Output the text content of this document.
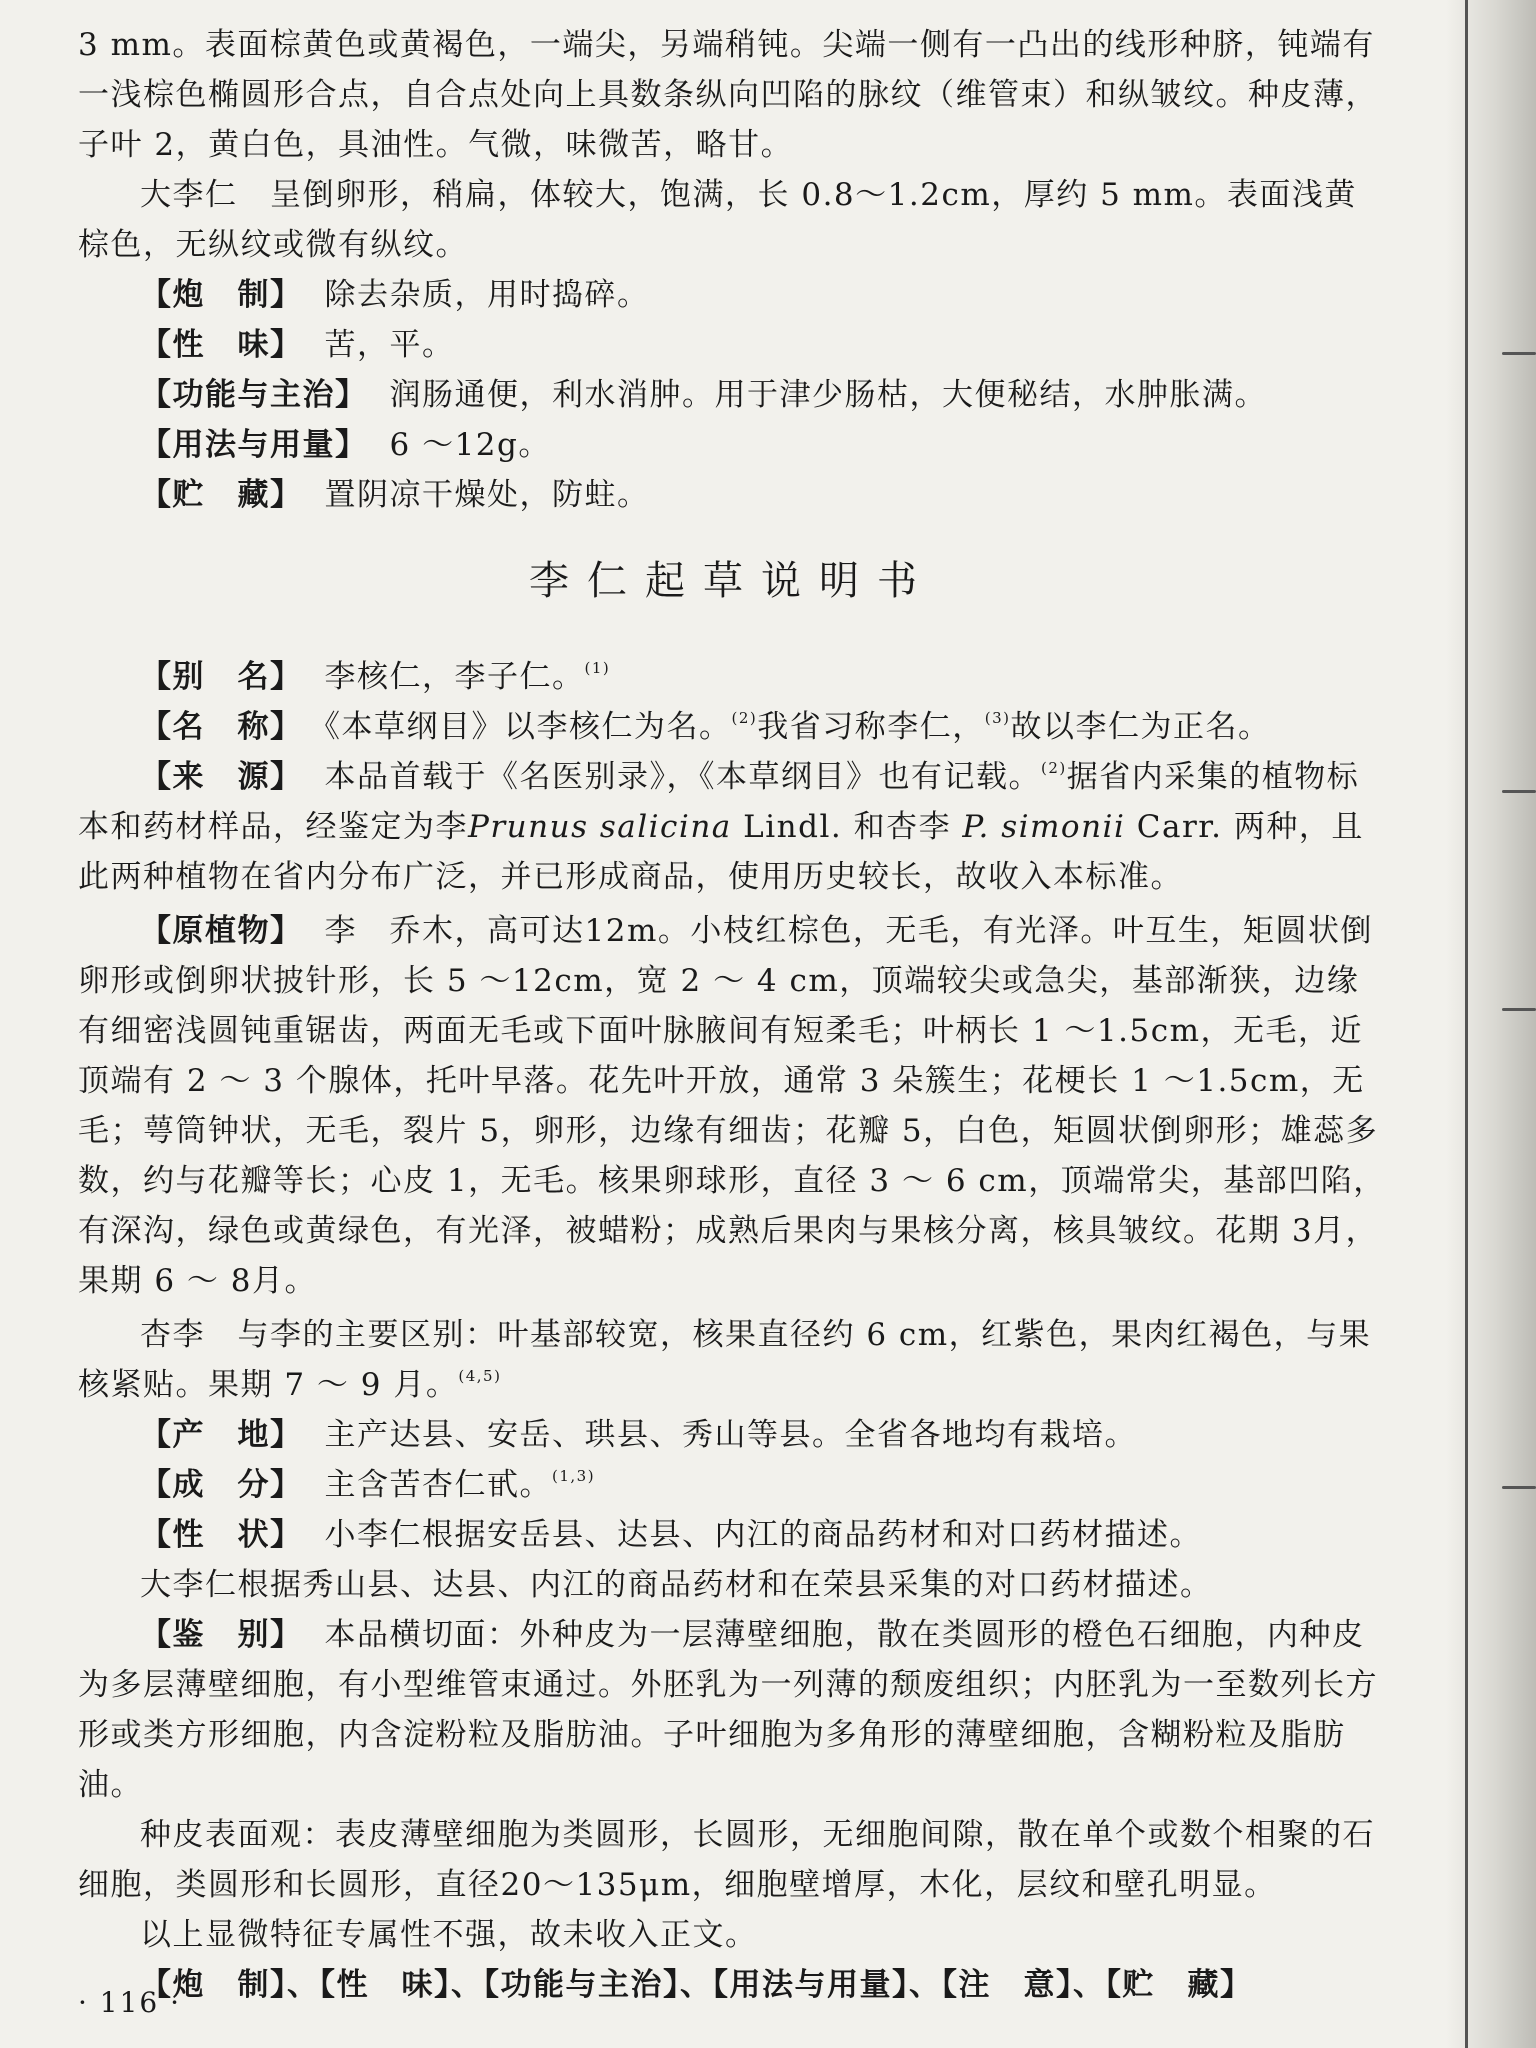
3 mm。表面棕黄色或黄褐色，一端尖，另端稍钝。尖端一侧有一凸出的线形种脐，钝端有一浅棕色椭圆形合点，自合点处向上具数条纵向凹陷的脉纹（维管束）和纵皱纹。种皮薄，子叶 2，黄白色，具油性。气微，味微苦，略甘。

大李仁　呈倒卵形，稍扁，体较大，饱满，长 0.8～1.2cm，厚约 5 mm。表面浅黄棕色，无纵纹或微有纵纹。

【炮　制】 除去杂质，用时捣碎。

【性　味】 苦，平。

【功能与主治】 润肠通便，利水消肿。用于津少肠枯，大便秘结，水肿胀满。

【用法与用量】 6 ～12g。

【贮　藏】 置阴凉干燥处，防蛀。

李仁起草说明书

【别　名】 李核仁，李子仁。$^{(1)}$

【名　称】 《本草纲目》以李核仁为名。$^{(2)}$我省习称李仁，$^{(3)}$故以李仁为正名。

【来　源】 本品首载于《名医别录》，《本草纲目》也有记载。$^{(2)}$据省内采集的植物标本和药材样品，经鉴定为李Prunus salicina Lindl. 和杏李 P. simonii Carr. 两种，且此两种植物在省内分布广泛，并已形成商品，使用历史较长，故收入本标准。

【原植物】 李　乔木，高可达12m。小枝红棕色，无毛，有光泽。叶互生，矩圆状倒卵形或倒卵状披针形，长 5 ～12cm，宽 2 ～ 4 cm，顶端较尖或急尖，基部渐狭，边缘有细密浅圆钝重锯齿，两面无毛或下面叶脉腋间有短柔毛；叶柄长 1 ～1.5cm，无毛，近顶端有 2 ～ 3 个腺体，托叶早落。花先叶开放，通常 3 朵簇生；花梗长 1 ～1.5cm，无毛；萼筒钟状，无毛，裂片 5，卵形，边缘有细齿；花瓣 5，白色，矩圆状倒卵形；雄蕊多数，约与花瓣等长；心皮 1，无毛。核果卵球形，直径 3 ～ 6 cm，顶端常尖，基部凹陷，有深沟，绿色或黄绿色，有光泽，被蜡粉；成熟后果肉与果核分离，核具皱纹。花期 3月，果期 6 ～ 8月。

杏李　与李的主要区别：叶基部较宽，核果直径约 6 cm，红紫色，果肉红褐色，与果核紧贴。果期 7 ～ 9 月。$^{(4,5)}$

【产　地】 主产达县、安岳、珙县、秀山等县。全省各地均有栽培。

【成　分】 主含苦杏仁甙。$^{(1,3)}$

【性　状】 小李仁根据安岳县、达县、内江的商品药材和对口药材描述。

大李仁根据秀山县、达县、内江的商品药材和在荣县采集的对口药材描述。

【鉴　别】 本品横切面：外种皮为一层薄壁细胞，散在类圆形的橙色石细胞，内种皮为多层薄壁细胞，有小型维管束通过。外胚乳为一列薄的颓废组织；内胚乳为一至数列长方形或类方形细胞，内含淀粉粒及脂肪油。子叶细胞为多角形的薄壁细胞，含糊粉粒及脂肪油。

种皮表面观：表皮薄壁细胞为类圆形，长圆形，无细胞间隙，散在单个或数个相聚的石细胞，类圆形和长圆形，直径20～135μm，细胞壁增厚，木化，层纹和壁孔明显。

以上显微特征专属性不强，故未收入正文。

【炮　制】、【性　味】、【功能与主治】、【用法与用量】、【注　意】、【贮　藏】

· 116 ·
